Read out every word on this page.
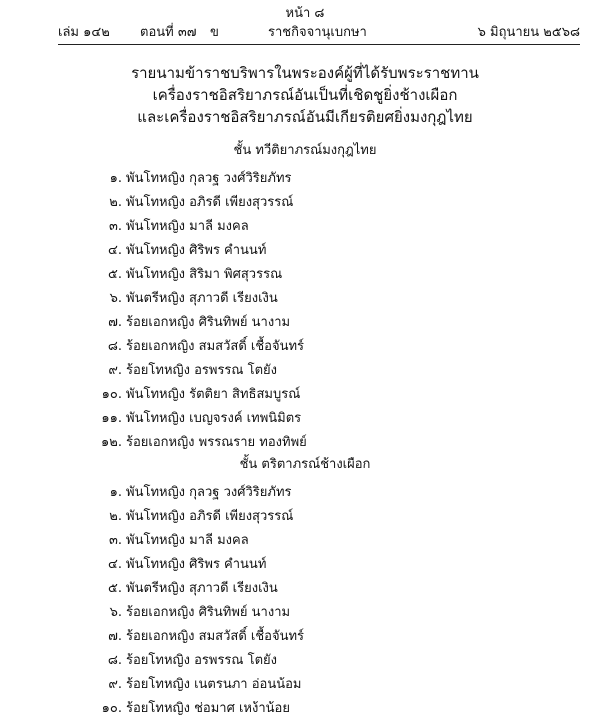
หน้า ๘
เล่ม ๑๔๒ ตอนที่ ๓๗ ข	ราชกิจจานุเบกษา	๖ มิถุนายน ๒๕๖๘
รายนามข้าราชบริพารในพระองค์ผู้ที่ได้รับพระราชทาน
เครื่องราชอิสริยาภรณ์อันเป็นที่เชิดชูยิ่งช้างเผือก
และเครื่องราชอิสริยาภรณ์อันมีเกียรติยศยิ่งมงกุฎไทย
ชั้น ทวีติยาภรณ์มงกุฎไทย
๑. พันโทหญิง กุลวฐ วงศ์วิริยภัทร
๒. พันโทหญิง อภิรดี เพียงสุวรรณ์
๓. พันโทหญิง มาลี มงคล
๔. พันโทหญิง ศิริพร คำนนท์
๕. พันโทหญิง สิริมา พิศสุวรรณ
๖. พันตรีหญิง สุภาวดี เรียงเงิน
๗. ร้อยเอกหญิง ศิรินทิพย์ นางาม
๘. ร้อยเอกหญิง สมสวัสดิ์ เชื้อจันทร์
๙. ร้อยโทหญิง อรพรรณ โตยัง
๑๐. พันโทหญิง รัตติยา สิทธิสมบูรณ์
๑๑. พันโทหญิง เบญจรงค์ เทพนิมิตร
๑๒. ร้อยเอกหญิง พรรณราย ทองทิพย์
ชั้น ตริตาภรณ์ช้างเผือก
๑. พันโทหญิง กุลวฐ วงศ์วิริยภัทร
๒. พันโทหญิง อภิรดี เพียงสุวรรณ์
๓. พันโทหญิง มาลี มงคล
๔. พันโทหญิง ศิริพร คำนนท์
๕. พันตรีหญิง สุภาวดี เรียงเงิน
๖. ร้อยเอกหญิง ศิรินทิพย์ นางาม
๗. ร้อยเอกหญิง สมสวัสดิ์ เชื้อจันทร์
๘. ร้อยโทหญิง อรพรรณ โตยัง
๙. ร้อยโทหญิง เนตรนภา อ่อนน้อม
๑๐. ร้อยโทหญิง ช่อมาศ เหง้าน้อย
